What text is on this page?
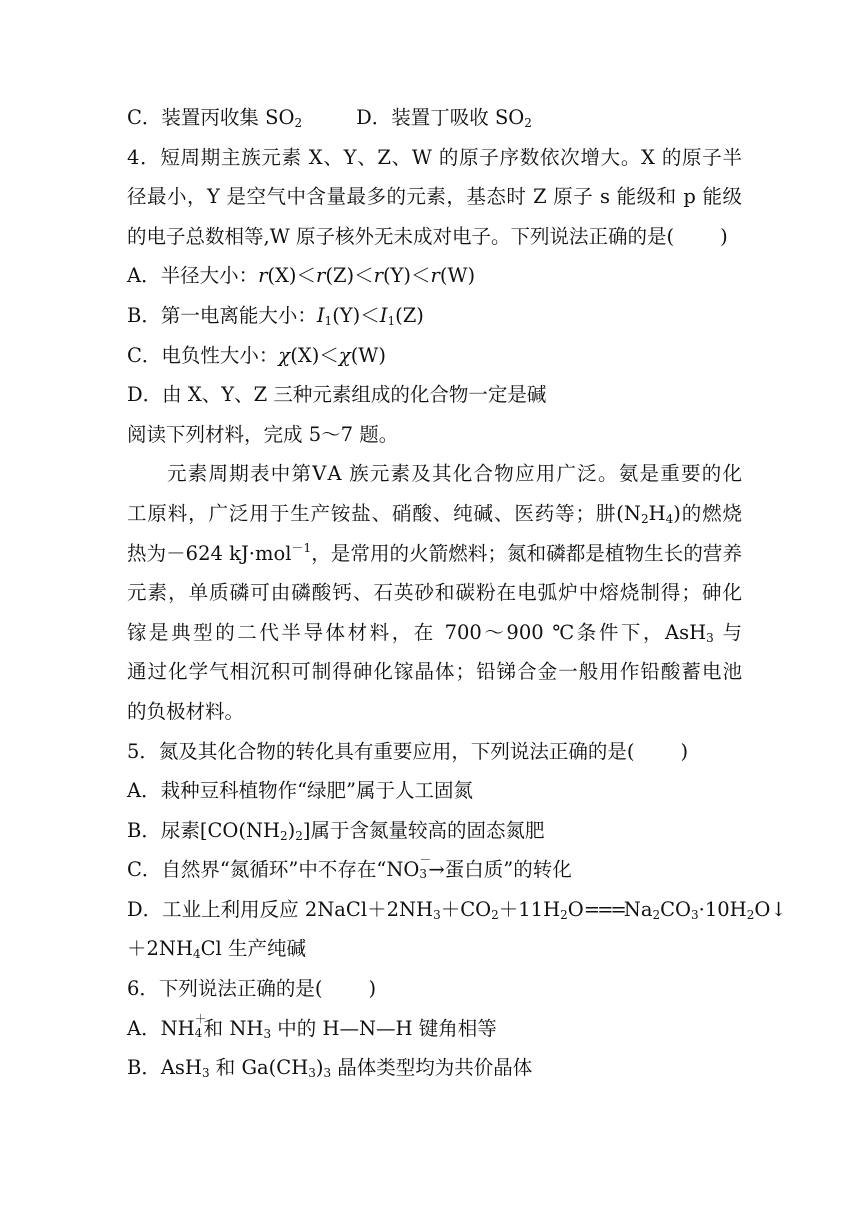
C．装置丙收集 $SO_2$	D．装置丁吸收 $SO_2$
4．短周期主族元素 X、Y、Z、W 的原子序数依次增大。X 的原子半
径最小，Y 是空气中含量最多的元素，基态时 Z 原子 s 能级和 p 能级
的电子总数相等,W 原子核外无未成对电子。下列说法正确的是( )
A．半径大小：r(X)＜r(Z)＜r(Y)＜r(W)
B．第一电离能大小：$I_1(Y)<I_1(Z)$
C．电负性大小：χ(X)＜χ(W)
D．由 X、Y、Z 三种元素组成的化合物一定是碱
阅读下列材料，完成 5～7 题。
元素周期表中第ⅤA 族元素及其化合物应用广泛。氨是重要的化
工原料，广泛用于生产铵盐、硝酸、纯碱、医药等；肼$(N_2H_4)$的燃烧
热为－624 kJ·mol$^{-1}$，是常用的火箭燃料；氮和磷都是植物生长的营养
元素，单质磷可由磷酸钙、石英砂和碳粉在电弧炉中熔烧制得；砷化
镓是典型的二代半导体材料，在 700～900 ℃条件下，AsH$_3$ 与
通过化学气相沉积可制得砷化镓晶体；铅锑合金一般用作铅酸蓄电池
的负极材料。
5．氮及其化合物的转化具有重要应用，下列说法正确的是( )
A．栽种豆科植物作“绿肥”属于人工固氮
B．尿素$[CO(NH_2)_2]$属于含氮量较高的固态氮肥
C．自然界“氮循环”中不存在“NO －
3 →蛋白质”的转化
D．工业上利用反应 $2NaCl+2NH_3+CO_2+11H_2O===Na_2CO_3\cdot 10H_2O↓$
$+2NH_4Cl$ 生产纯碱
6．下列说法正确的是( )
A．NH ＋
4 和 $NH_3$ 中的 H—N—H 键角相等
B．AsH$_3$ 和 $Ga(CH_3)_3$ 晶体类型均为共价晶体
